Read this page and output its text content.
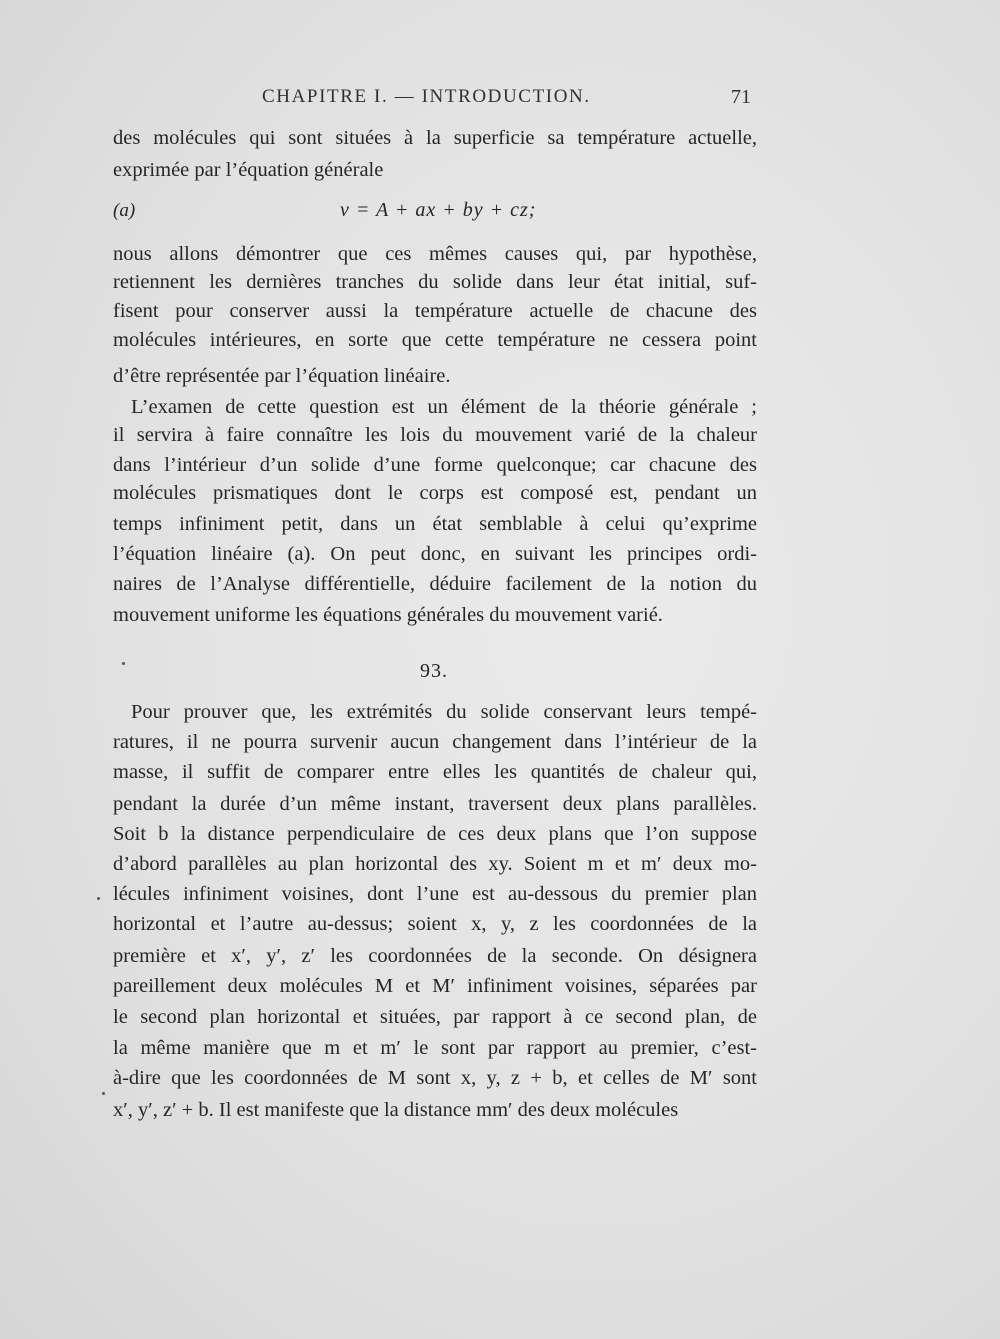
CHAPITRE I. — INTRODUCTION.	71
des molécules qui sont situées à la superficie sa température actuelle,
exprimée par l’équation générale
(a)	v = A + ax + by + cz;
nous allons démontrer que ces mêmes causes qui, par hypothèse,
retiennent les dernières tranches du solide dans leur état initial, suf-
fisent pour conserver aussi la température actuelle de chacune des
molécules intérieures, en sorte que cette température ne cessera point
d’être représentée par l’équation linéaire.
L’examen de cette question est un élément de la théorie générale ;
il servira à faire connaître les lois du mouvement varié de la chaleur
dans l’intérieur d’un solide d’une forme quelconque; car chacune des
molécules prismatiques dont le corps est composé est, pendant un
temps infiniment petit, dans un état semblable à celui qu’exprime
l’équation linéaire (a). On peut donc, en suivant les principes ordi-
naires de l’Analyse différentielle, déduire facilement de la notion du
mouvement uniforme les équations générales du mouvement varié.
93.
Pour prouver que, les extrémités du solide conservant leurs tempé-
ratures, il ne pourra survenir aucun changement dans l’intérieur de la
masse, il suffit de comparer entre elles les quantités de chaleur qui,
pendant la durée d’un même instant, traversent deux plans parallèles.
Soit b la distance perpendiculaire de ces deux plans que l’on suppose
d’abord parallèles au plan horizontal des xy. Soient m et m′ deux mo-
lécules infiniment voisines, dont l’une est au-dessous du premier plan
horizontal et l’autre au-dessus; soient x, y, z les coordonnées de la
première et x′, y′, z′ les coordonnées de la seconde. On désignera
pareillement deux molécules M et M′ infiniment voisines, séparées par
le second plan horizontal et situées, par rapport à ce second plan, de
la même manière que m et m′ le sont par rapport au premier, c’est-
à-dire que les coordonnées de M sont x, y, z + b, et celles de M′ sont
x′, y′, z′ + b. Il est manifeste que la distance mm′ des deux molécules
